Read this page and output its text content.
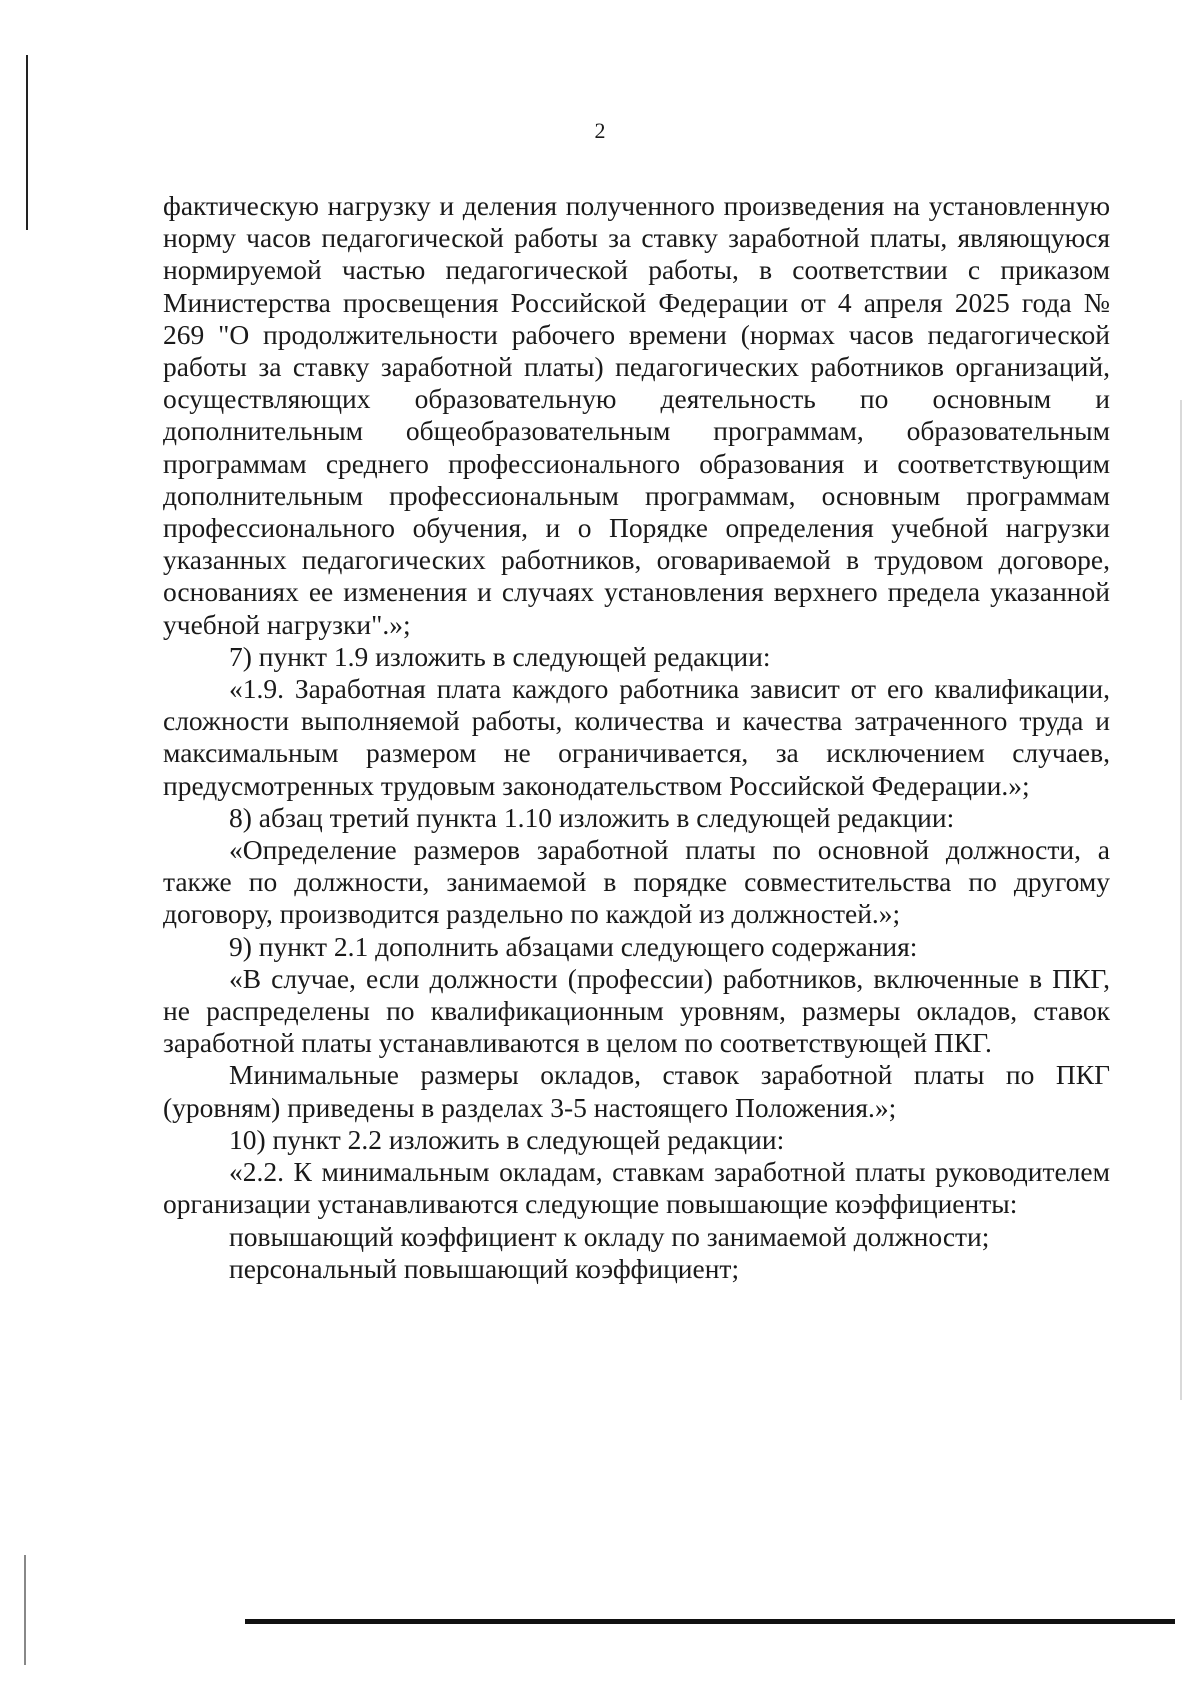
2

фактическую нагрузку и деления полученного произведения на установленную норму часов педагогической работы за ставку заработной платы, являющуюся нормируемой частью педагогической работы, в соответствии с приказом Министерства просвещения Российской Федерации от 4 апреля 2025 года № 269 "О продолжительности рабочего времени (нормах часов педагогической работы за ставку заработной платы) педагогических работников организаций, осуществляющих образовательную деятельность по основным и дополнительным общеобразовательным программам, образовательным программам среднего профессионального образования и соответствующим дополнительным профессиональным программам, основным программам профессионального обучения, и о Порядке определения учебной нагрузки указанных педагогических работников, оговариваемой в трудовом договоре, основаниях ее изменения и случаях установления верхнего предела указанной учебной нагрузки".»;

7) пункт 1.9 изложить в следующей редакции:

«1.9. Заработная плата каждого работника зависит от его квалификации, сложности выполняемой работы, количества и качества затраченного труда и максимальным размером не ограничивается, за исключением случаев, предусмотренных трудовым законодательством Российской Федерации.»;

8) абзац третий пункта 1.10 изложить в следующей редакции:

«Определение размеров заработной платы по основной должности, а также по должности, занимаемой в порядке совместительства по другому договору, производится раздельно по каждой из должностей.»;

9) пункт 2.1 дополнить абзацами следующего содержания:

«В случае, если должности (профессии) работников, включенные в ПКГ, не распределены по квалификационным уровням, размеры окладов, ставок заработной платы устанавливаются в целом по соответствующей ПКГ.

Минимальные размеры окладов, ставок заработной платы по ПКГ (уровням) приведены в разделах 3-5 настоящего Положения.»;

10) пункт 2.2 изложить в следующей редакции:

«2.2. К минимальным окладам, ставкам заработной платы руководителем организации устанавливаются следующие повышающие коэффициенты:

повышающий коэффициент к окладу по занимаемой должности;

персональный повышающий коэффициент;
